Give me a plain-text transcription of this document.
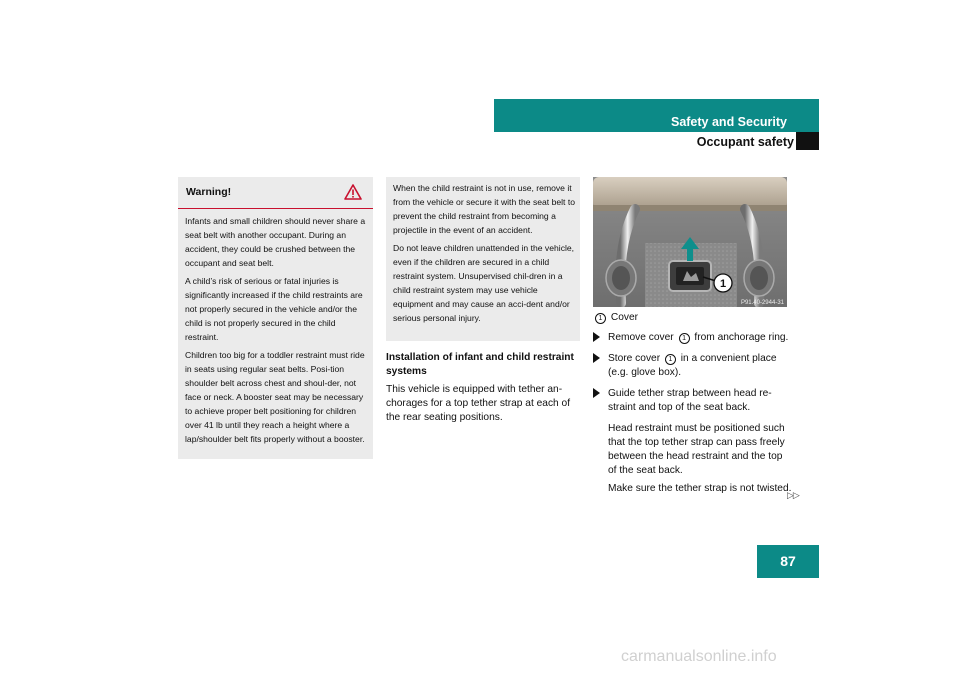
Safety and Security
Occupant safety
Warning!

Infants and small children should never share a seat belt with another occupant. During an accident, they could be crushed between the occupant and seat belt.

A child’s risk of serious or fatal injuries is significantly increased if the child restraints are not properly secured in the vehicle and/or the child is not properly secured in the child restraint.

Children too big for a toddler restraint must ride in seats using regular seat belts. Posi-tion shoulder belt across chest and shoul-der, not face or neck. A booster seat may be necessary to achieve proper belt positioning for children over 41 lb until they reach a height where a lap/shoulder belt fits properly without a booster.

When the child restraint is not in use, remove it from the vehicle or secure it with the seat belt to prevent the child restraint from becoming a projectile in the event of an accident.

Do not leave children unattended in the vehicle, even if the children are secured in a child restraint system. Unsupervised chil-dren in a child restraint system may use vehicle equipment and may cause an acci-dent and/or serious personal injury.

Installation of infant and child restraint systems

This vehicle is equipped with tether an-chorages for a top tether strap at each of the rear seating positions.

1
P91.40-2944-31
1 Cover
Remove cover 1 from anchorage ring.
Store cover 1 in a convenient place (e.g. glove box).
Guide tether strap between head re-straint and top of the seat back.
Head restraint must be positioned such that the top tether strap can pass freely between the head restraint and the top of the seat back.
Make sure the tether strap is not twisted.
▷▷
87
carmanualsonline.info
